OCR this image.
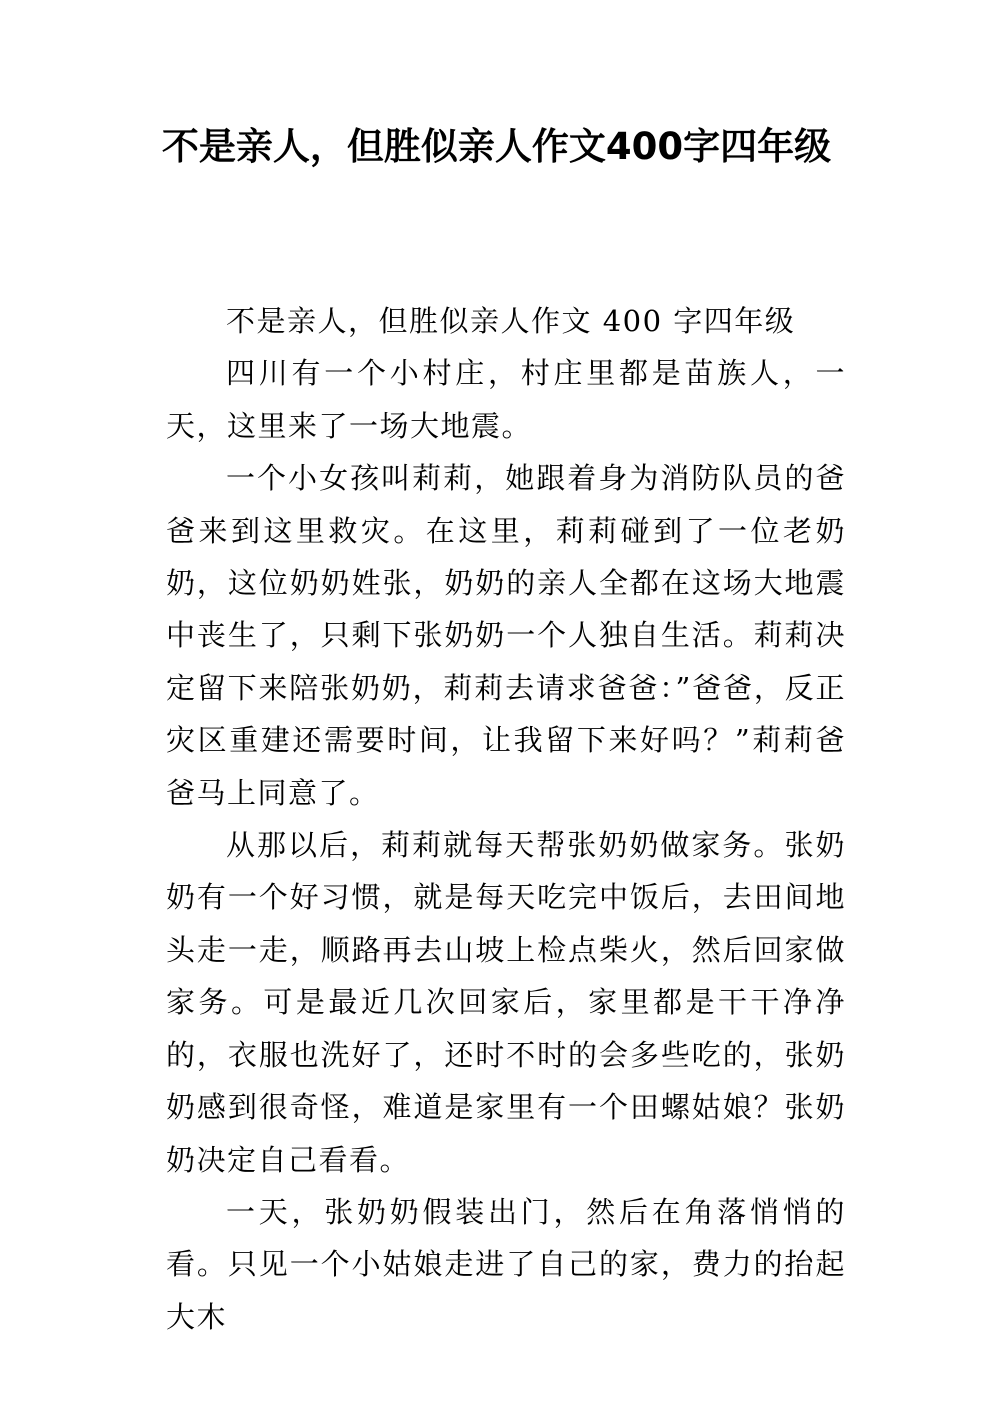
不是亲人，但胜似亲人作文400字四年级

不是亲人，但胜似亲人作文 400 字四年级

四川有一个小村庄，村庄里都是苗族人，一天，这里来了一场大地震。

一个小女孩叫莉莉，她跟着身为消防队员的爸爸来到这里救灾。在这里，莉莉碰到了一位老奶奶，这位奶奶姓张，奶奶的亲人全都在这场大地震中丧生了，只剩下张奶奶一个人独自生活。莉莉决定留下来陪张奶奶，莉莉去请求爸爸：”爸爸，反正灾区重建还需要时间，让我留下来好吗？”莉莉爸爸马上同意了。

从那以后，莉莉就每天帮张奶奶做家务。张奶奶有一个好习惯，就是每天吃完中饭后，去田间地头走一走，顺路再去山坡上检点柴火，然后回家做家务。可是最近几次回家后，家里都是干干净净的，衣服也洗好了，还时不时的会多些吃的，张奶奶感到很奇怪，难道是家里有一个田螺姑娘？张奶奶决定自己看看。

一天，张奶奶假装出门，然后在角落悄悄的看。只见一个小姑娘走进了自己的家，费力的抬起大木
